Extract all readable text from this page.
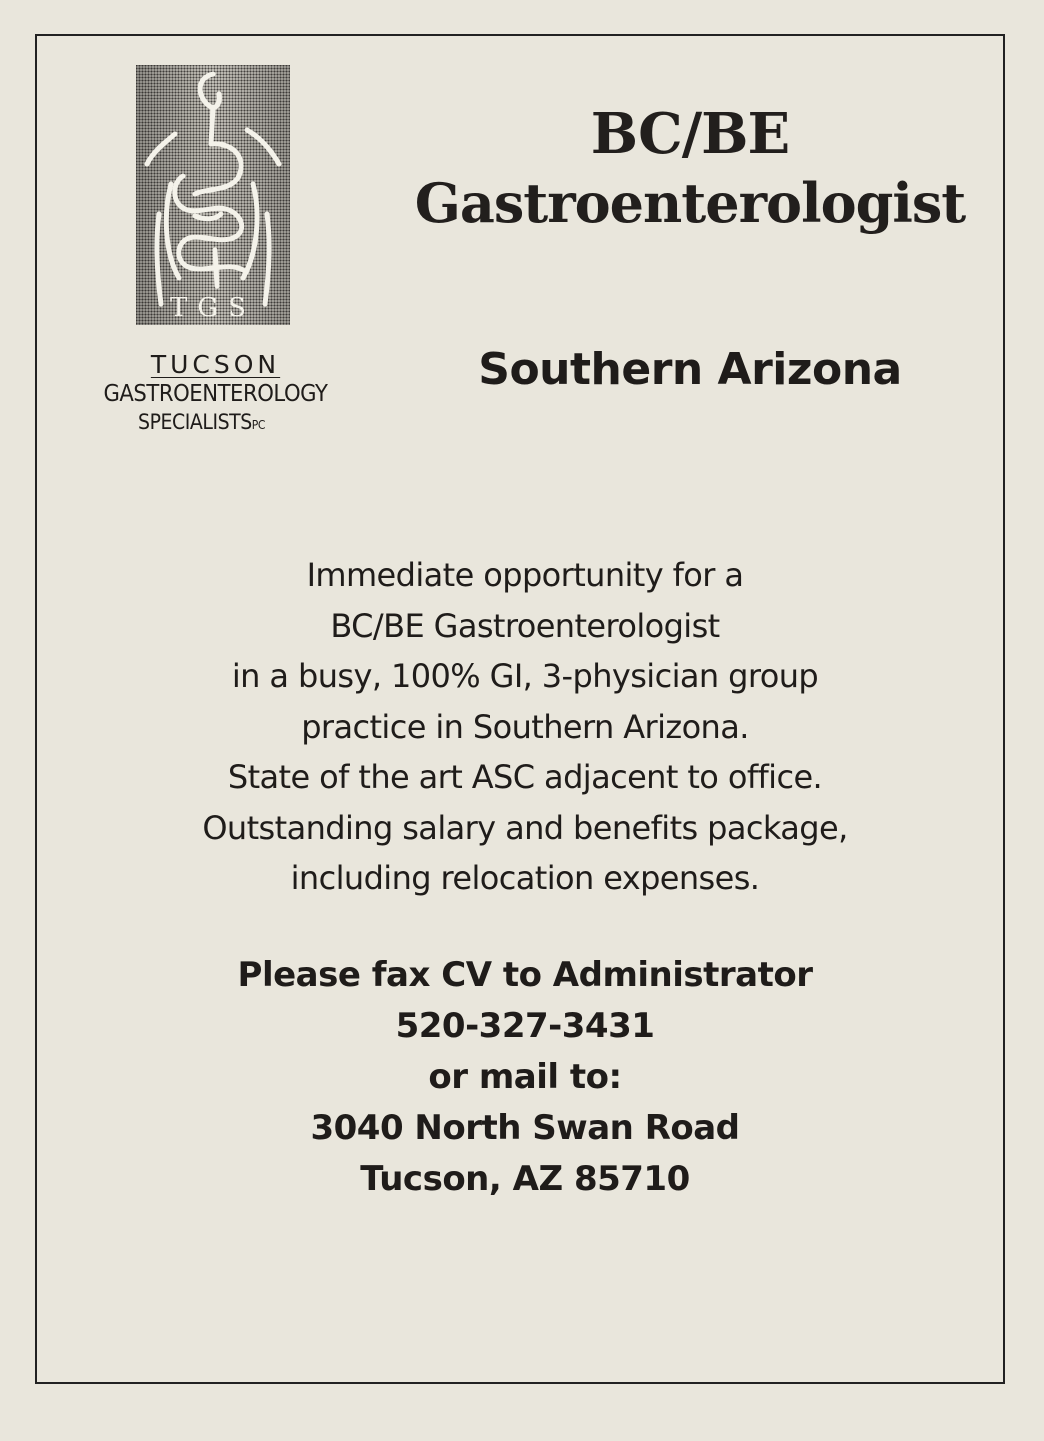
TGS
TUCSON
GASTROENTEROLOGY
SPECIALISTSPC
BC/BE
Gastroenterologist
Southern Arizona
Immediate opportunity for a
BC/BE Gastroenterologist
in a busy, 100% GI, 3-physician group
practice in Southern Arizona.
State of the art ASC adjacent to office.
Outstanding salary and benefits package,
including relocation expenses.
Please fax CV to Administrator
520-327-3431
or mail to:
3040 North Swan Road
Tucson, AZ 85710
